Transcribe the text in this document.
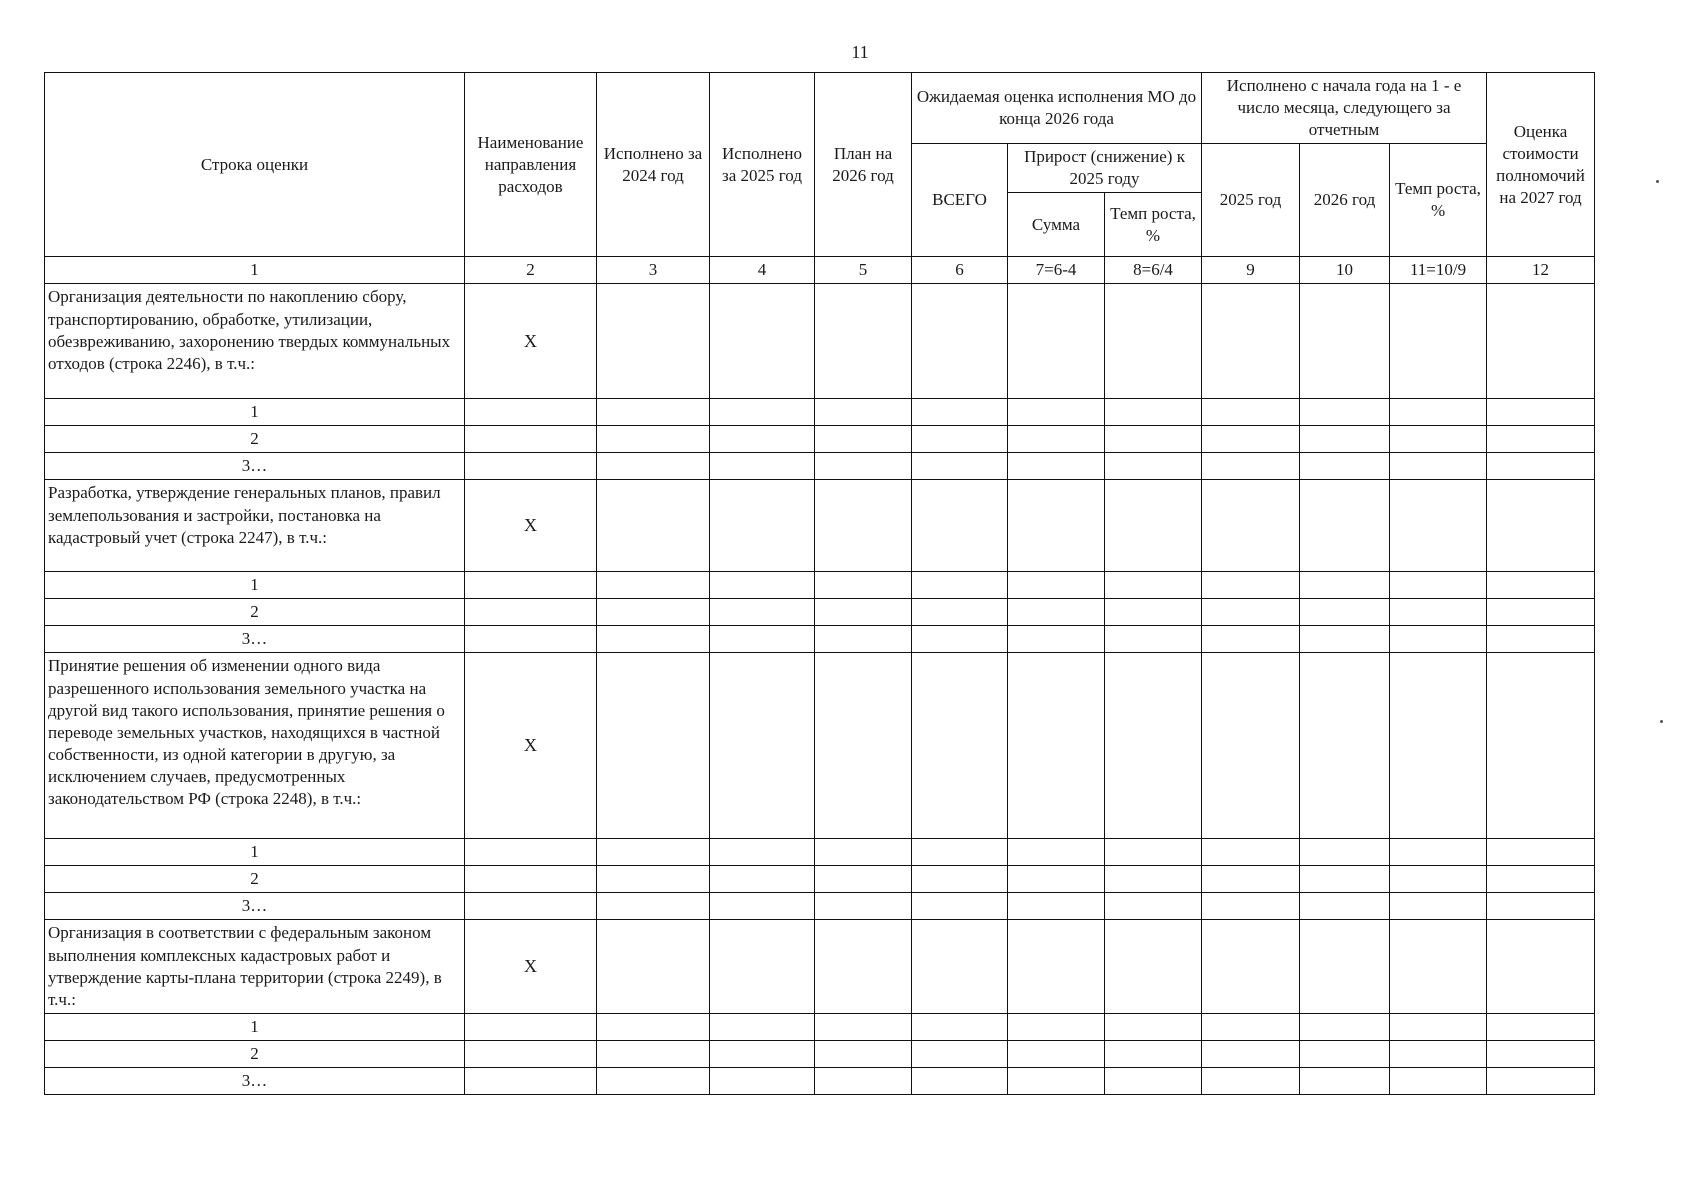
11
Строка оценки	Наименование направления расходов	Исполнено за 2024 год	Исполнено за 2025 год	План на 2026 год	Ожидаемая оценка исполнения МО до конца 2026 года			Исполнено с начала года на 1 - е число месяца, следующего за отчетным			Оценка стоимости полномочий на 2027 год
					ВСЕГО	Прирост (снижение) к 2025 году		2025 год	2026 год	Темп роста, %	
						Сумма	Темп роста, %				
1	2	3	4	5	6	7=6-4	8=6/4	9	10	11=10/9	12
Организация деятельности по накоплению сбору, транспортированию, обработке, утилизации, обезвреживанию, захоронению твердых коммунальных отходов (строка 2246), в т.ч.:	Х										
1											
2											
3…											
Разработка, утверждение генеральных планов, правил землепользования и застройки, постановка на кадастровый учет (строка 2247), в т.ч.:	Х										
1											
2											
3…											
Принятие решения об изменении одного вида разрешенного использования земельного участка на другой вид такого использования, принятие решения о переводе земельных участков, находящихся в частной собственности, из одной категории в другую, за исключением случаев, предусмотренных законодательством РФ (строка 2248), в т.ч.:	Х										
1											
2											
3…											
Организация в соответствии с федеральным законом выполнения комплексных кадастровых работ и утверждение карты-плана территории (строка 2249), в т.ч.:	Х										
1											
2											
3…											
